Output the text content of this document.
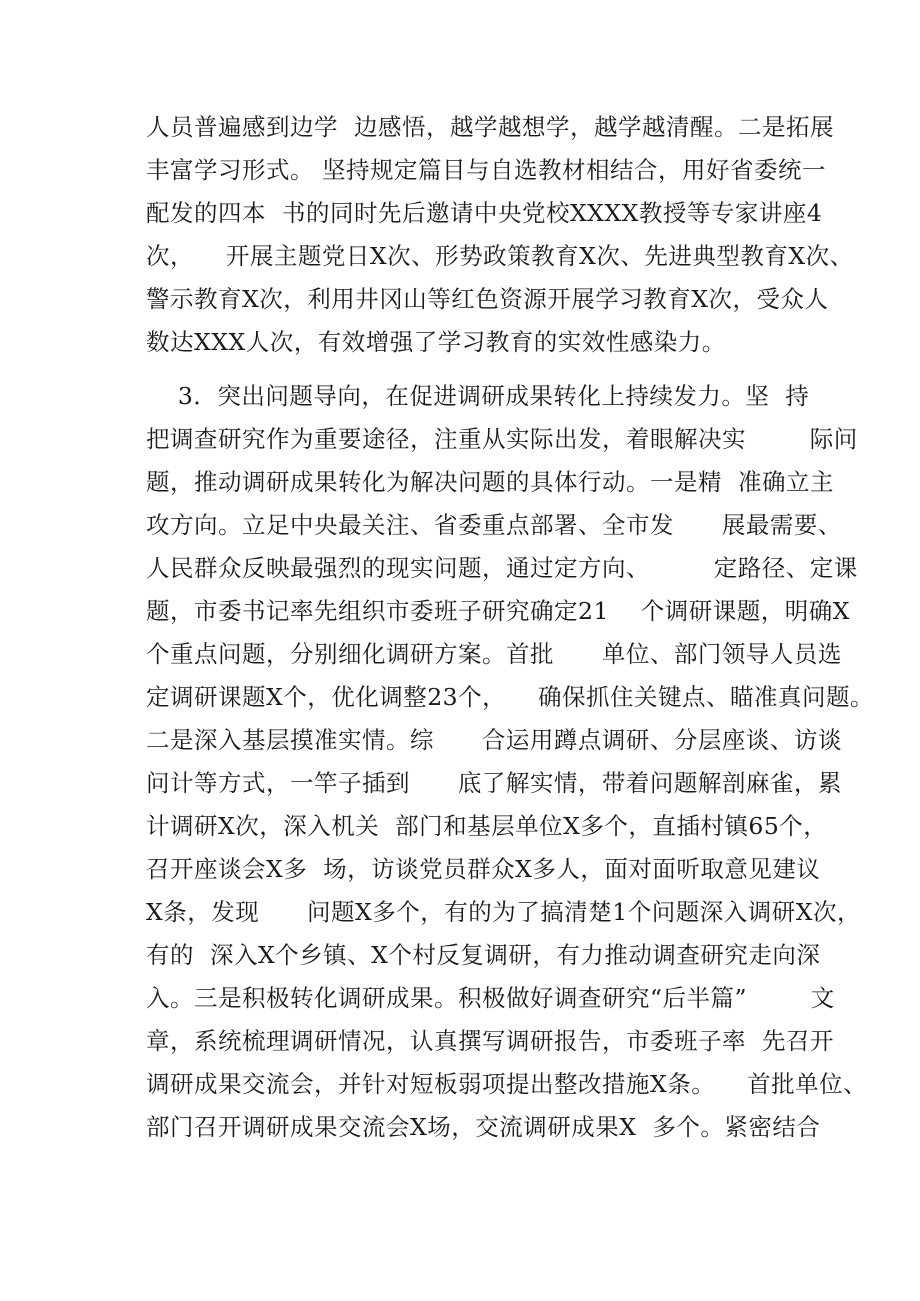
人员普遍感到边学  边感悟，越学越想学，越学越清醒。二是拓展
丰富学习形式。 坚持规定篇目与自选教材相结合，用好省委统一
配发的四本  书的同时先后邀请中央党校XXXX教授等专家讲座4
次，    开展主题党日X次、形势政策教育X次、先进典型教育X次、
警示教育X次，利用井冈山等红色资源开展学习教育X次，受众人
数达XXX人次，有效增强了学习教育的实效性感染力。
3．突出问题导向，在促进调研成果转化上持续发力。坚  持
把调查研究作为重要途径，注重从实际出发，着眼解决实        际问
题，推动调研成果转化为解决问题的具体行动。一是精  准确立主
攻方向。立足中央最关注、省委重点部署、全市发      展最需要、
人民群众反映最强烈的现实问题，通过定方向、        定路径、定课
题，市委书记率先组织市委班子研究确定21    个调研课题，明确X
个重点问题，分别细化调研方案。首批      单位、部门领导人员选
定调研课题X个，优化调整23个，    确保抓住关键点、瞄准真问题。
二是深入基层摸准实情。综      合运用蹲点调研、分层座谈、访谈
问计等方式，一竿子插到      底了解实情，带着问题解剖麻雀，累
计调研X次，深入机关  部门和基层单位X多个，直插村镇65个，
召开座谈会X多  场，访谈党员群众X多人，面对面听取意见建议
X条，发现      问题X多个，有的为了搞清楚1个问题深入调研X次，
有的  深入X个乡镇、X个村反复调研，有力推动调查研究走向深
入。三是积极转化调研成果。积极做好调查研究“后半篇”        文
章，系统梳理调研情况，认真撰写调研报告，市委班子率  先召开
调研成果交流会，并针对短板弱项提出整改措施X条。    首批单位、
部门召开调研成果交流会X场，交流调研成果X  多个。紧密结合
